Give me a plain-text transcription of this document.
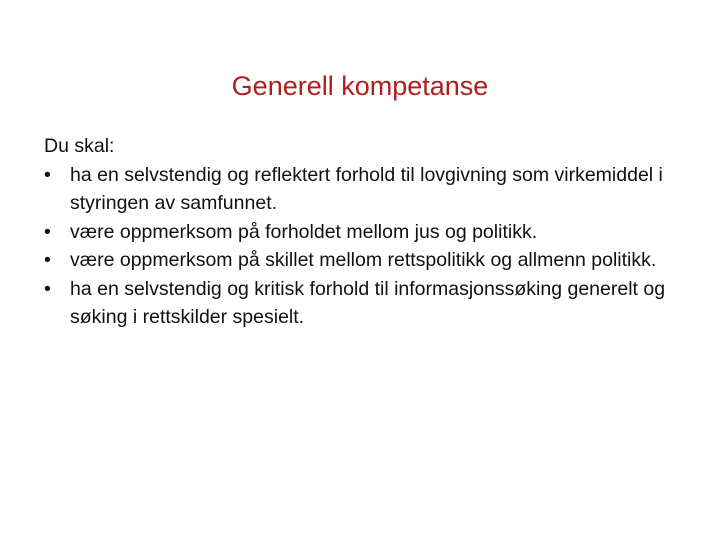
Generell kompetanse

Du skal:

• ha en selvstendig og reflektert forhold til lovgivning som virkemiddel i styringen av samfunnet.
• være oppmerksom på forholdet mellom jus og politikk.
• være oppmerksom på skillet mellom rettspolitikk og allmenn politikk.
• ha en selvstendig og kritisk forhold til informasjonssøking generelt og søking i rettskilder spesielt.
